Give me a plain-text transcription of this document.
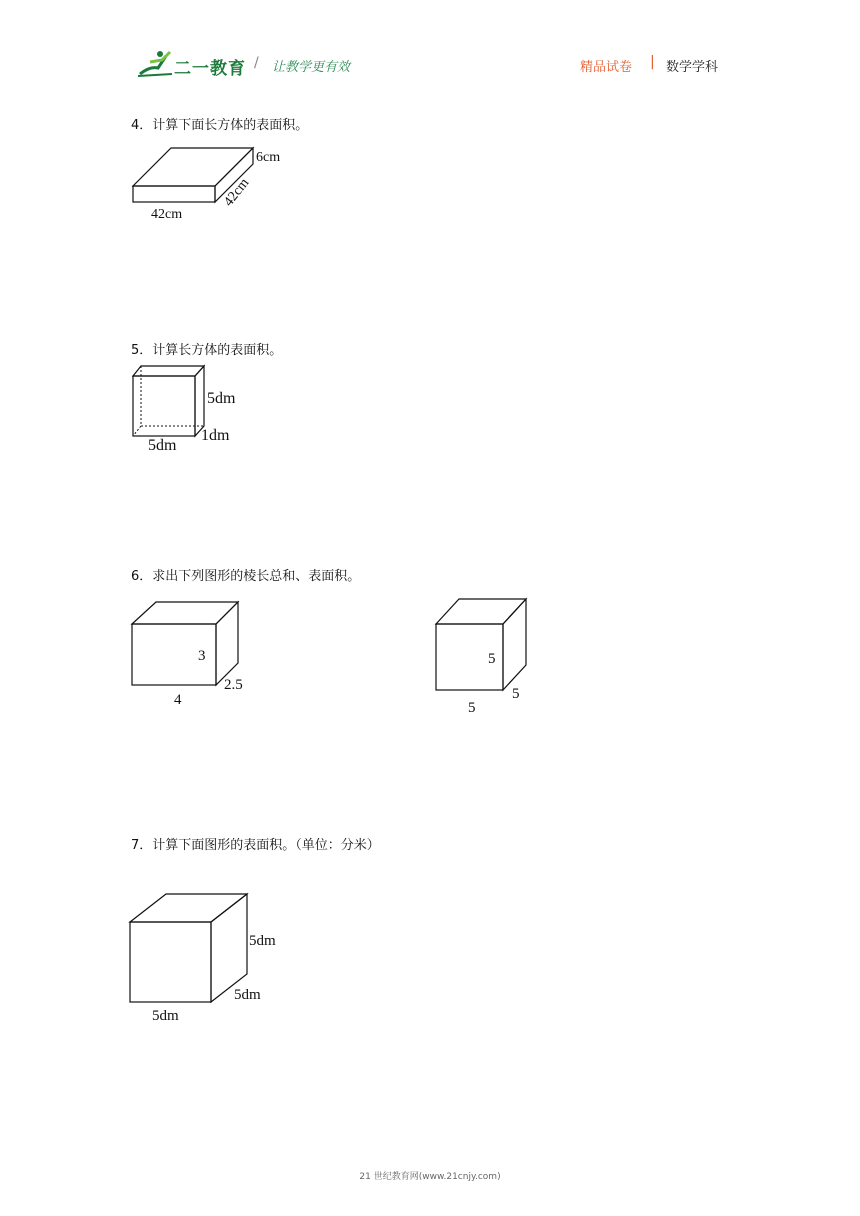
二一教育 / 让教学更有效	精品试卷 | 数学学科
4．计算下面长方体的表面积。
6cm
42cm
42cm
5．计算长方体的表面积。
5dm
1dm
5dm
6．求出下列图形的棱长总和、表面积。
3
2.5
4
5
5
5
7．计算下面图形的表面积。（单位：分米）
5dm
5dm
5dm
21 世纪教育网(www.21cnjy.com)
